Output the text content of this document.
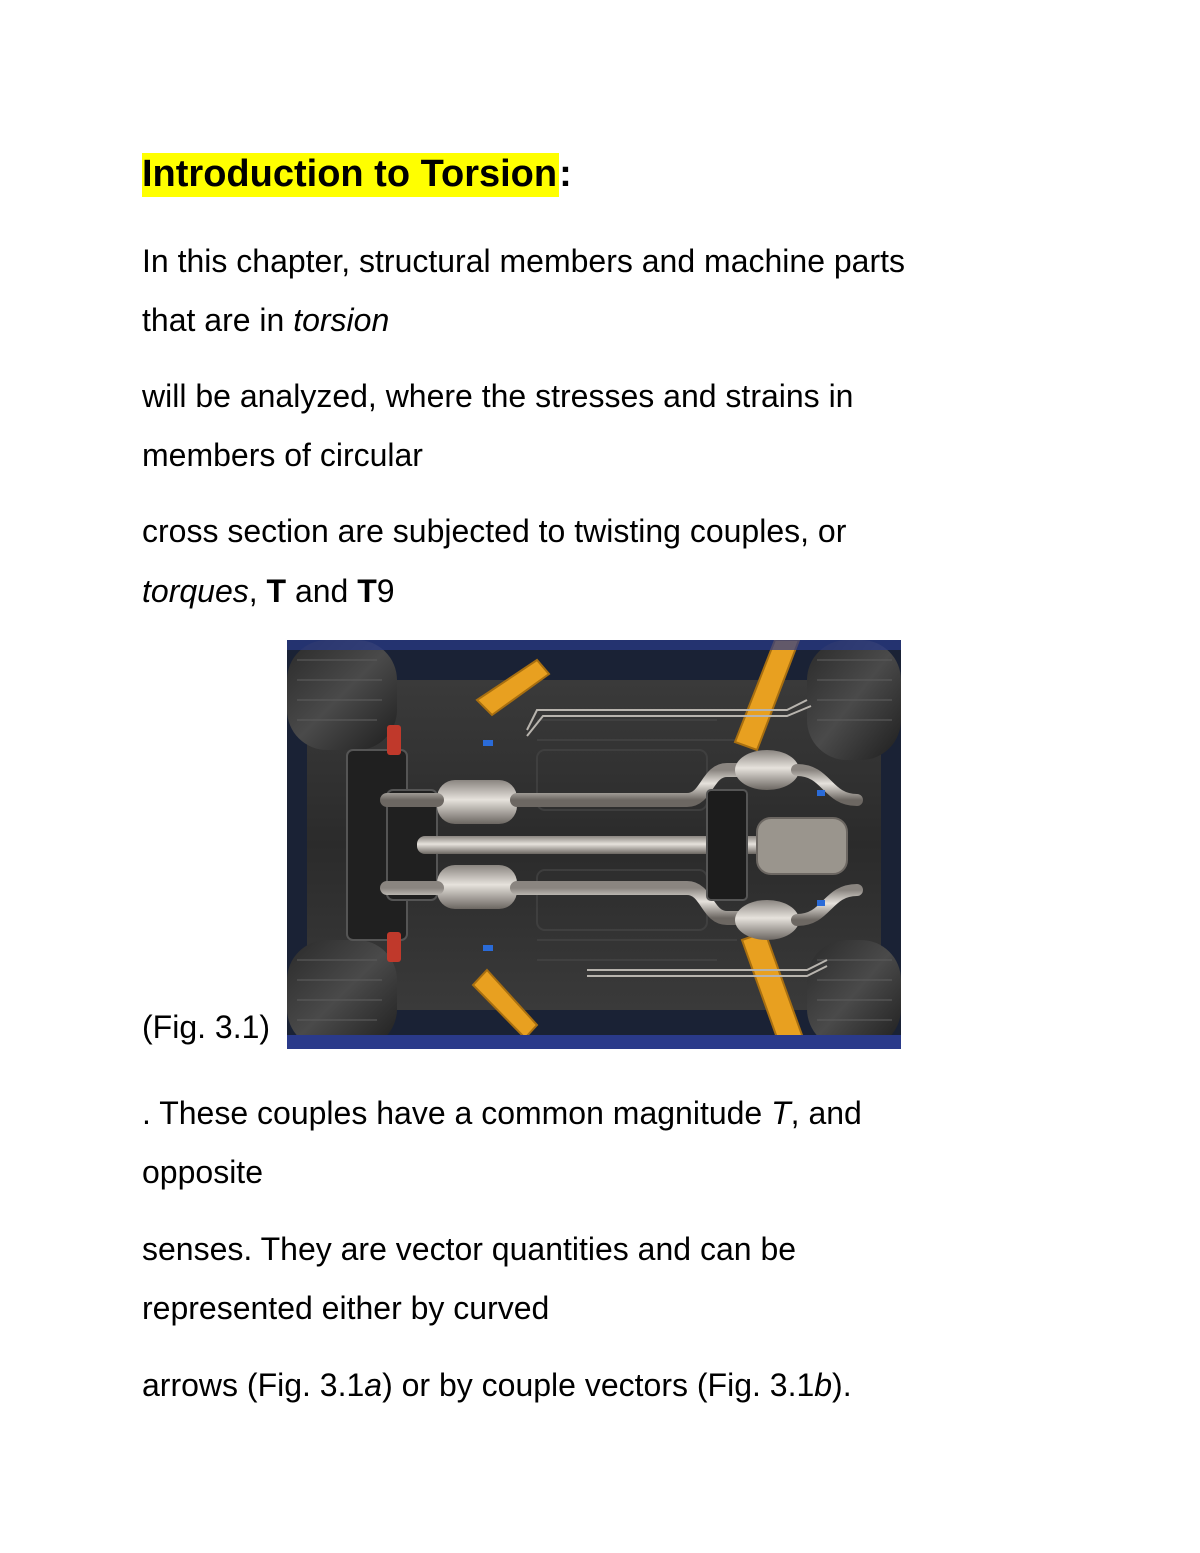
Introduction to Torsion:
In this chapter, structural members and machine parts
that are in torsion
will be analyzed, where the stresses and strains in
members of circular
cross section are subjected to twisting couples, or
torques, T and T9
(Fig. 3.1)
. These couples have a common magnitude T, and
opposite
senses. They are vector quantities and can be
represented either by curved
arrows (Fig. 3.1a) or by couple vectors (Fig. 3.1b).
